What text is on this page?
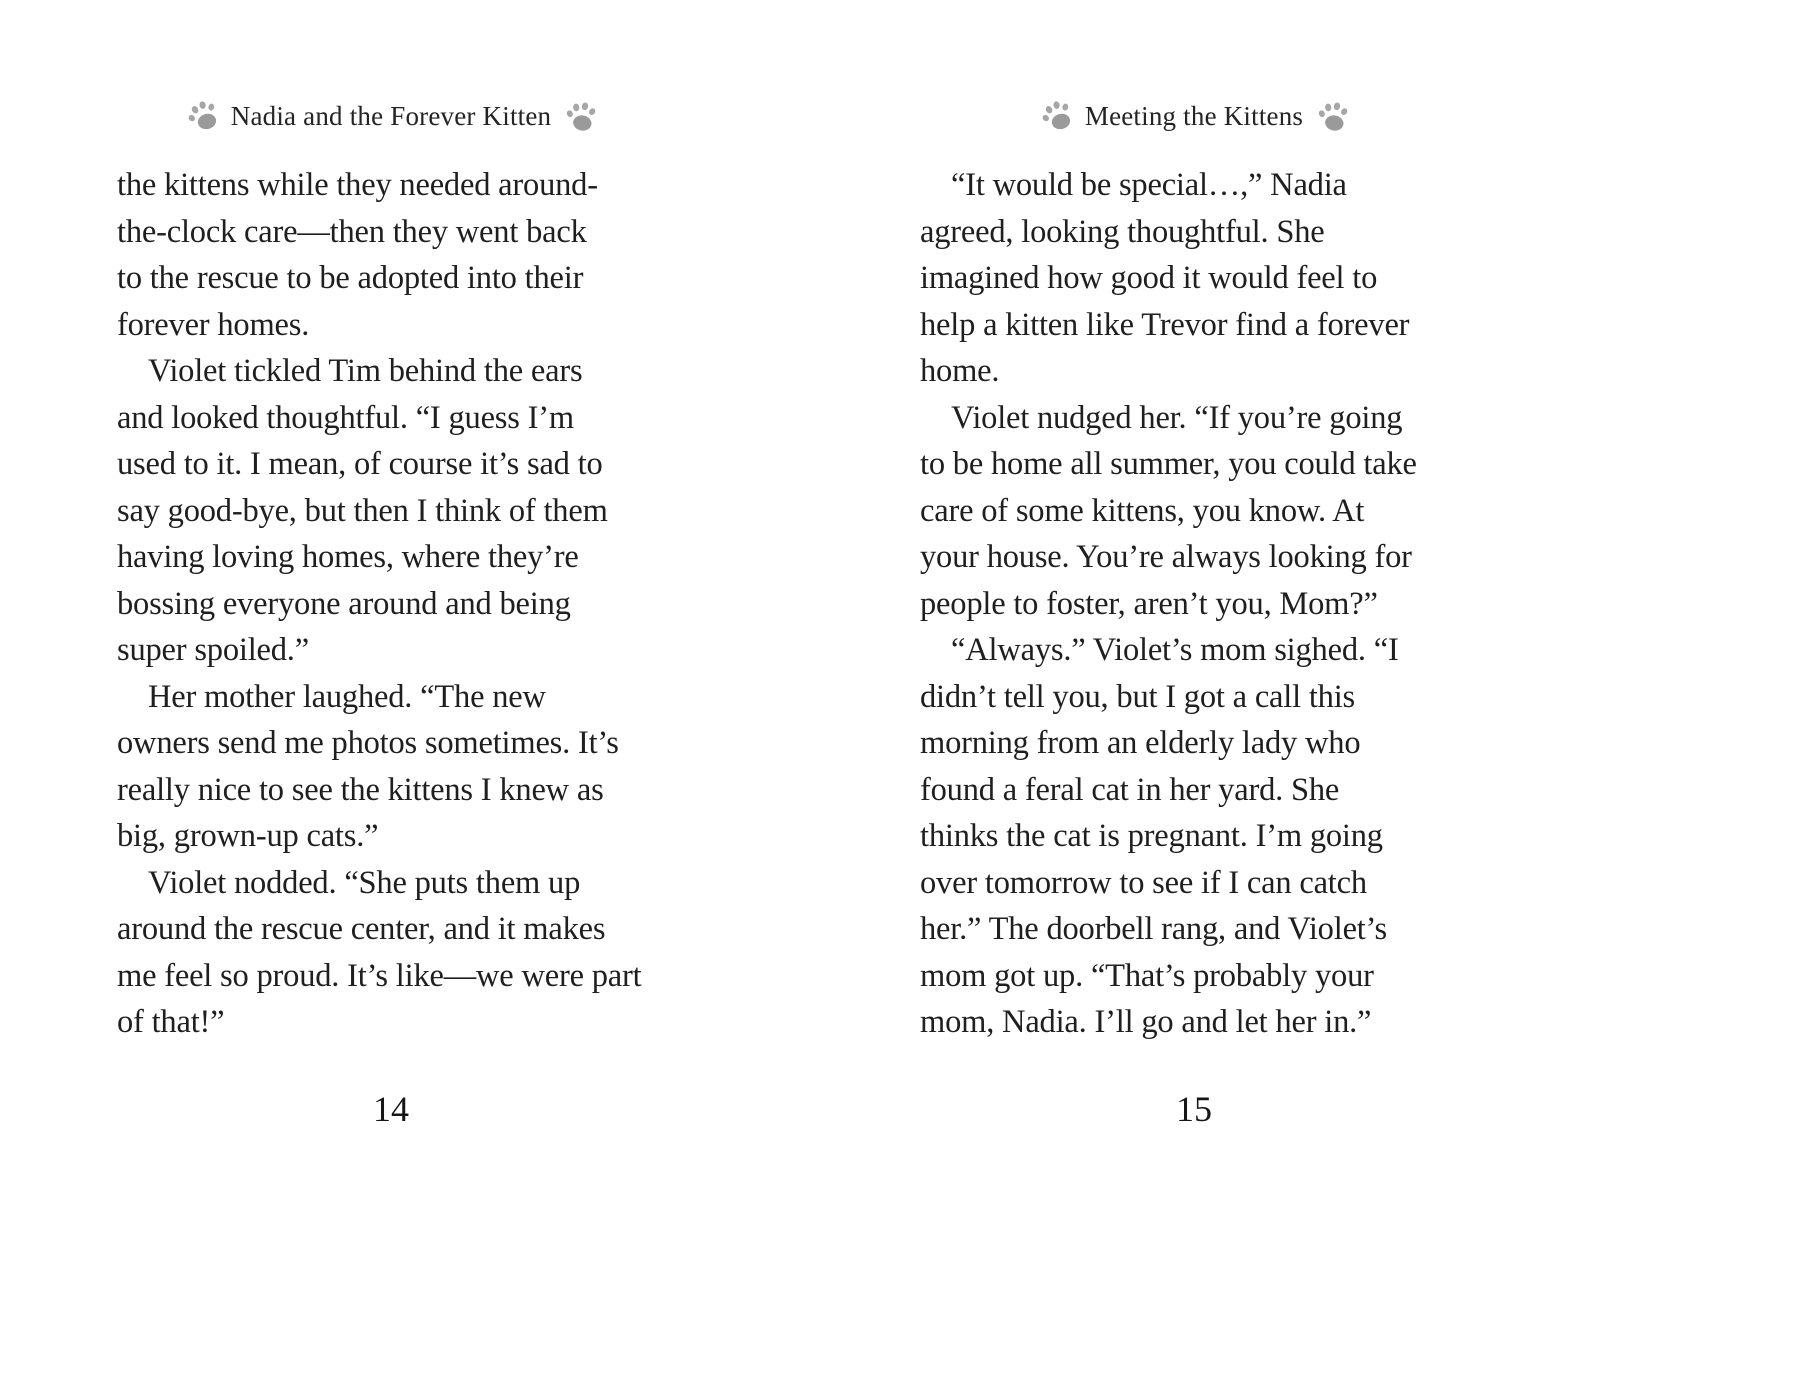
Nadia and the Forever Kitten
the kittens while they needed around-
the-clock care—then they went back
to the rescue to be adopted into their
forever homes.
Violet tickled Tim behind the ears
and looked thoughtful. “I guess I’m
used to it. I mean, of course it’s sad to
say good-bye, but then I think of them
having loving homes, where they’re
bossing everyone around and being
super spoiled.”
Her mother laughed. “The new
owners send me photos sometimes. It’s
really nice to see the kittens I knew as
big, grown-up cats.”
Violet nodded. “She puts them up
around the rescue center, and it makes
me feel so proud. It’s like—we were part
of that!”
14
Meeting the Kittens
“It would be special…,” Nadia
agreed, looking thoughtful. She
imagined how good it would feel to
help a kitten like Trevor find a forever
home.
Violet nudged her. “If you’re going
to be home all summer, you could take
care of some kittens, you know. At
your house. You’re always looking for
people to foster, aren’t you, Mom?”
“Always.” Violet’s mom sighed. “I
didn’t tell you, but I got a call this
morning from an elderly lady who
found a feral cat in her yard. She
thinks the cat is pregnant. I’m going
over tomorrow to see if I can catch
her.” The doorbell rang, and Violet’s
mom got up. “That’s probably your
mom, Nadia. I’ll go and let her in.”
15
